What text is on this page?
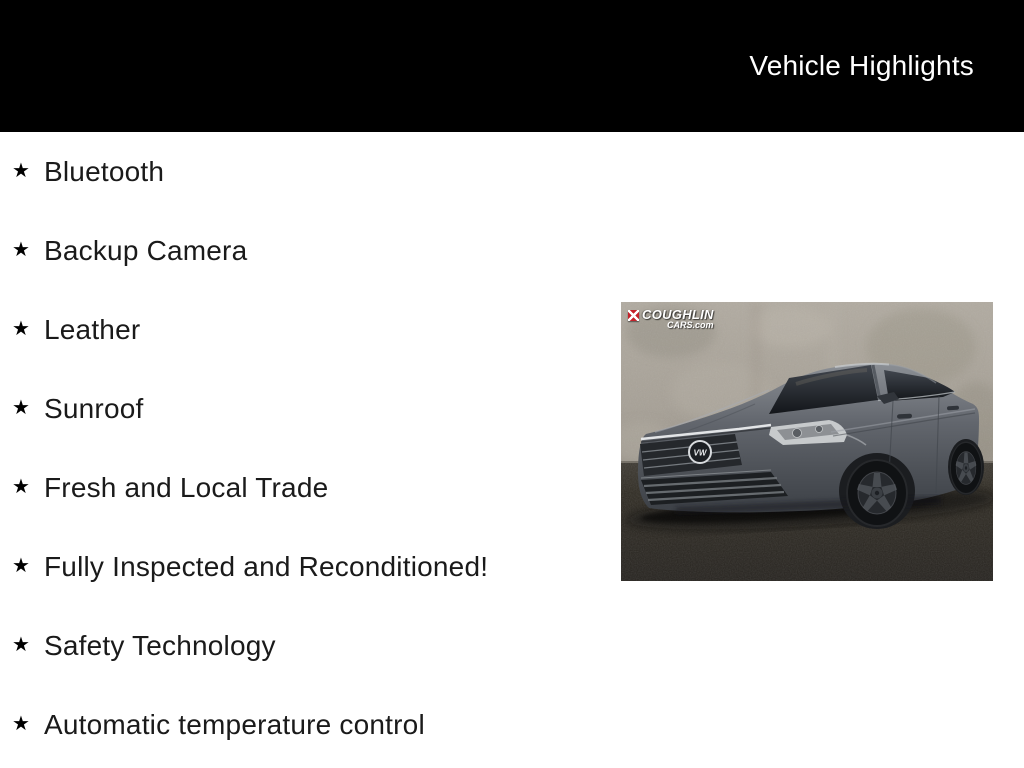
Vehicle Highlights
★ Bluetooth
★ Backup Camera
★ Leather
★ Sunroof
★ Fresh and Local Trade
★ Fully Inspected and Reconditioned!
★ Safety Technology
★ Automatic temperature control
VW
COUGHLIN
CARS.com
